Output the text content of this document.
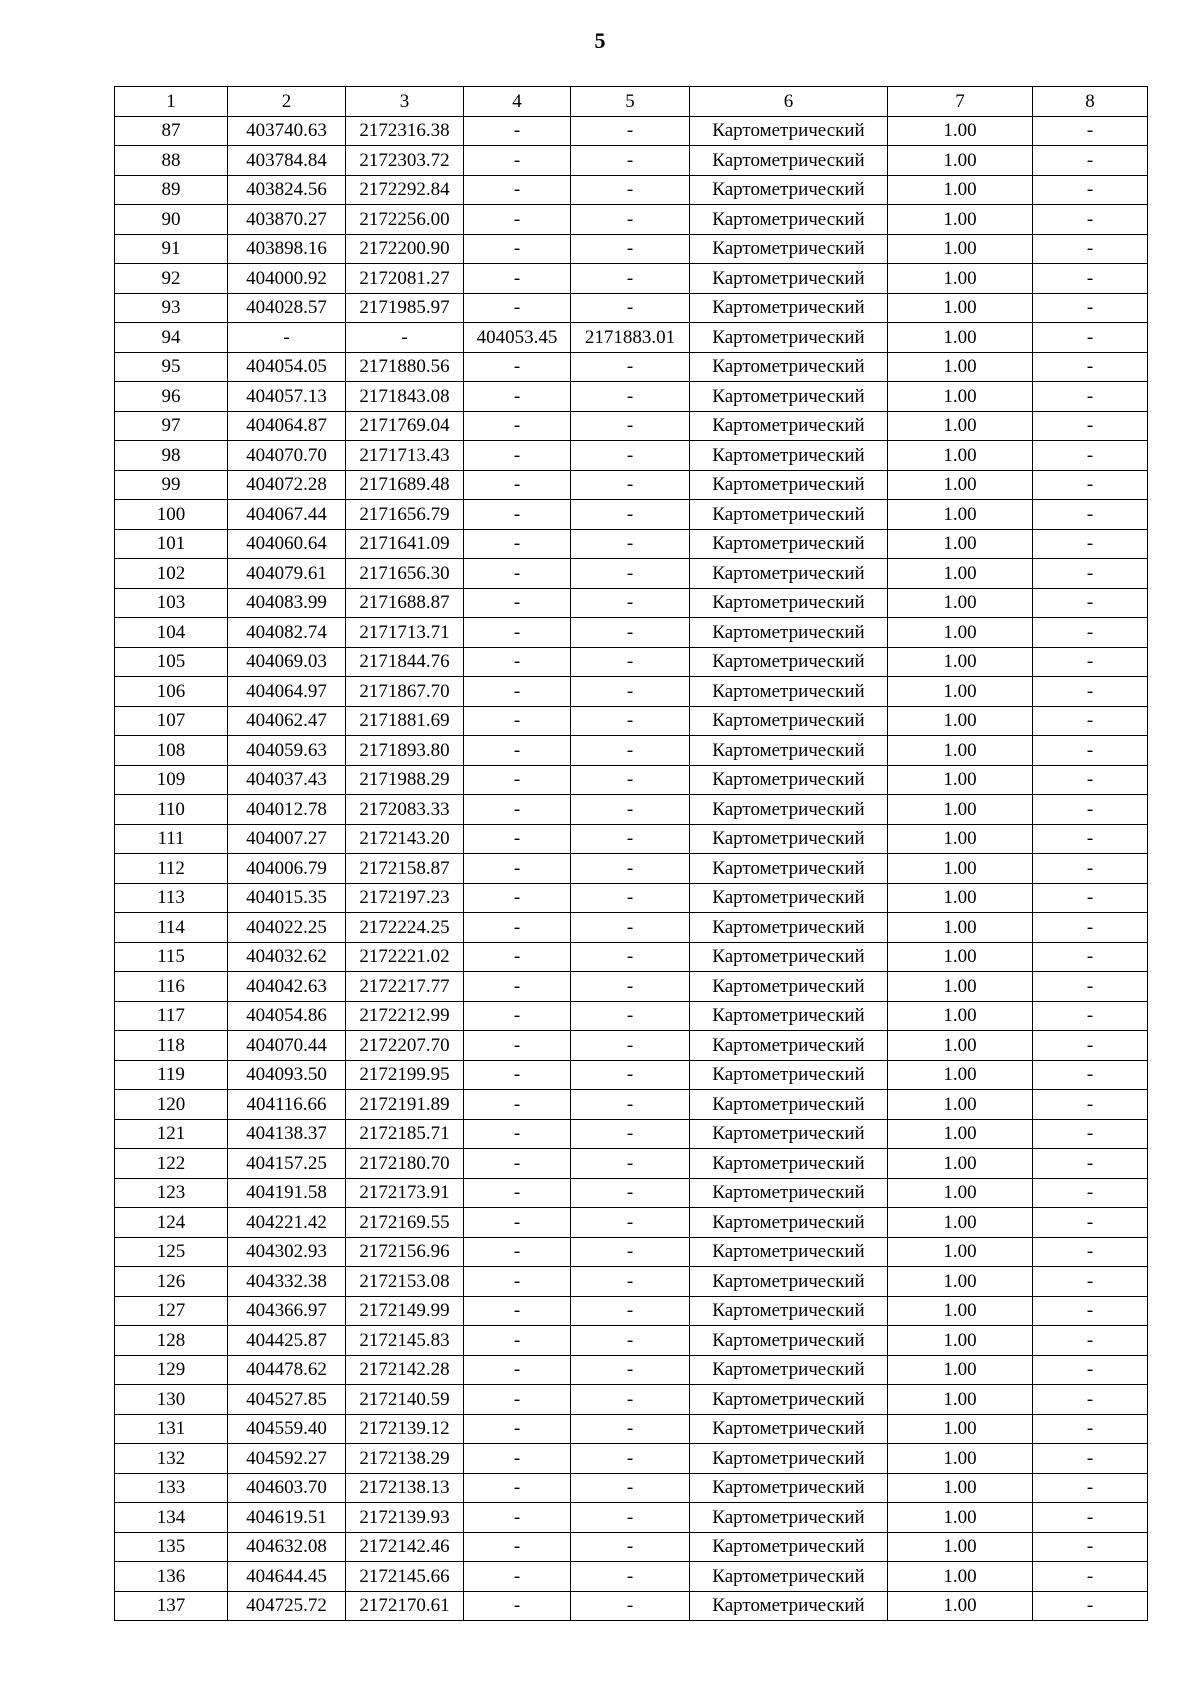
5
1	2	3	4	5	6	7	8
87	403740.63	2172316.38	-	-	Картометрический	1.00	-
88	403784.84	2172303.72	-	-	Картометрический	1.00	-
89	403824.56	2172292.84	-	-	Картометрический	1.00	-
90	403870.27	2172256.00	-	-	Картометрический	1.00	-
91	403898.16	2172200.90	-	-	Картометрический	1.00	-
92	404000.92	2172081.27	-	-	Картометрический	1.00	-
93	404028.57	2171985.97	-	-	Картометрический	1.00	-
94	-	-	404053.45	2171883.01	Картометрический	1.00	-
95	404054.05	2171880.56	-	-	Картометрический	1.00	-
96	404057.13	2171843.08	-	-	Картометрический	1.00	-
97	404064.87	2171769.04	-	-	Картометрический	1.00	-
98	404070.70	2171713.43	-	-	Картометрический	1.00	-
99	404072.28	2171689.48	-	-	Картометрический	1.00	-
100	404067.44	2171656.79	-	-	Картометрический	1.00	-
101	404060.64	2171641.09	-	-	Картометрический	1.00	-
102	404079.61	2171656.30	-	-	Картометрический	1.00	-
103	404083.99	2171688.87	-	-	Картометрический	1.00	-
104	404082.74	2171713.71	-	-	Картометрический	1.00	-
105	404069.03	2171844.76	-	-	Картометрический	1.00	-
106	404064.97	2171867.70	-	-	Картометрический	1.00	-
107	404062.47	2171881.69	-	-	Картометрический	1.00	-
108	404059.63	2171893.80	-	-	Картометрический	1.00	-
109	404037.43	2171988.29	-	-	Картометрический	1.00	-
110	404012.78	2172083.33	-	-	Картометрический	1.00	-
111	404007.27	2172143.20	-	-	Картометрический	1.00	-
112	404006.79	2172158.87	-	-	Картометрический	1.00	-
113	404015.35	2172197.23	-	-	Картометрический	1.00	-
114	404022.25	2172224.25	-	-	Картометрический	1.00	-
115	404032.62	2172221.02	-	-	Картометрический	1.00	-
116	404042.63	2172217.77	-	-	Картометрический	1.00	-
117	404054.86	2172212.99	-	-	Картометрический	1.00	-
118	404070.44	2172207.70	-	-	Картометрический	1.00	-
119	404093.50	2172199.95	-	-	Картометрический	1.00	-
120	404116.66	2172191.89	-	-	Картометрический	1.00	-
121	404138.37	2172185.71	-	-	Картометрический	1.00	-
122	404157.25	2172180.70	-	-	Картометрический	1.00	-
123	404191.58	2172173.91	-	-	Картометрический	1.00	-
124	404221.42	2172169.55	-	-	Картометрический	1.00	-
125	404302.93	2172156.96	-	-	Картометрический	1.00	-
126	404332.38	2172153.08	-	-	Картометрический	1.00	-
127	404366.97	2172149.99	-	-	Картометрический	1.00	-
128	404425.87	2172145.83	-	-	Картометрический	1.00	-
129	404478.62	2172142.28	-	-	Картометрический	1.00	-
130	404527.85	2172140.59	-	-	Картометрический	1.00	-
131	404559.40	2172139.12	-	-	Картометрический	1.00	-
132	404592.27	2172138.29	-	-	Картометрический	1.00	-
133	404603.70	2172138.13	-	-	Картометрический	1.00	-
134	404619.51	2172139.93	-	-	Картометрический	1.00	-
135	404632.08	2172142.46	-	-	Картометрический	1.00	-
136	404644.45	2172145.66	-	-	Картометрический	1.00	-
137	404725.72	2172170.61	-	-	Картометрический	1.00	-
